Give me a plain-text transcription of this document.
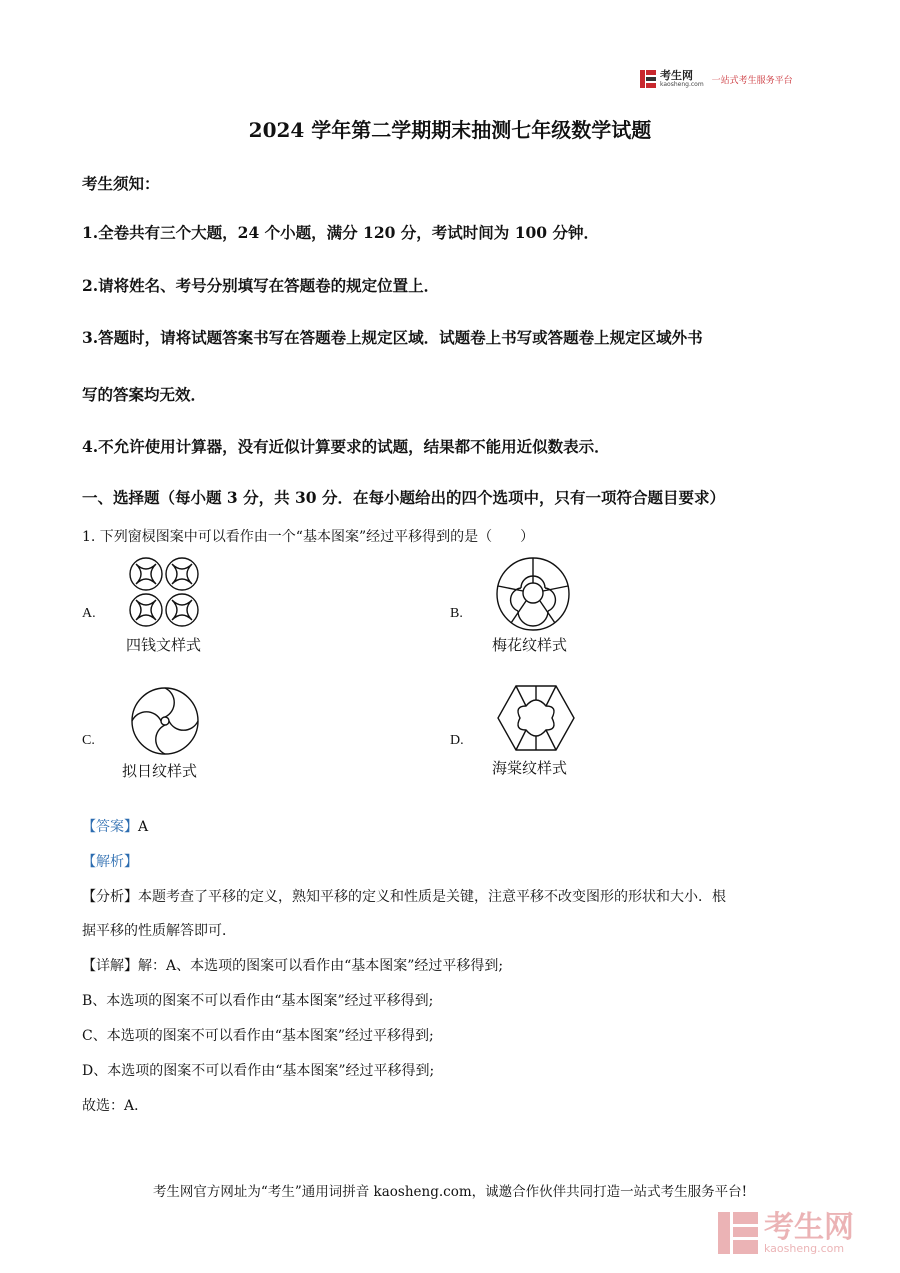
考生网
kaosheng.com 一站式考生服务平台
2024 学年第二学期期末抽测七年级数学试题
考生须知：
1.全卷共有三个大题，24 个小题，满分 120 分，考试时间为 100 分钟．
2.请将姓名、考号分别填写在答题卷的规定位置上．
3.答题时，请将试题答案书写在答题卷上规定区域．试题卷上书写或答题卷上规定区域外书
写的答案均无效．
4.不允许使用计算器，没有近似计算要求的试题，结果都不能用近似数表示．
一、选择题（每小题 3 分，共 30 分．在每小题给出的四个选项中，只有一项符合题目要求）
1. 下列窗棂图案中可以看作由一个“基本图案”经过平移得到的是（　　）
A.
四钱文样式
B.
梅花纹样式
C.
拟日纹样式
D.
海棠纹样式
【答案】A
【解析】
【分析】本题考查了平移的定义，熟知平移的定义和性质是关键，注意平移不改变图形的形状和大小．根
据平移的性质解答即可．
【详解】解：A、本选项的图案可以看作由“基本图案”经过平移得到;
B、本选项的图案不可以看作由“基本图案”经过平移得到;
C、本选项的图案不可以看作由“基本图案”经过平移得到;
D、本选项的图案不可以看作由“基本图案”经过平移得到;
故选：A．
考生网官方网址为“考生”通用词拼音 kaosheng.com，诚邀合作伙伴共同打造一站式考生服务平台!
考生网
kaosheng.com
